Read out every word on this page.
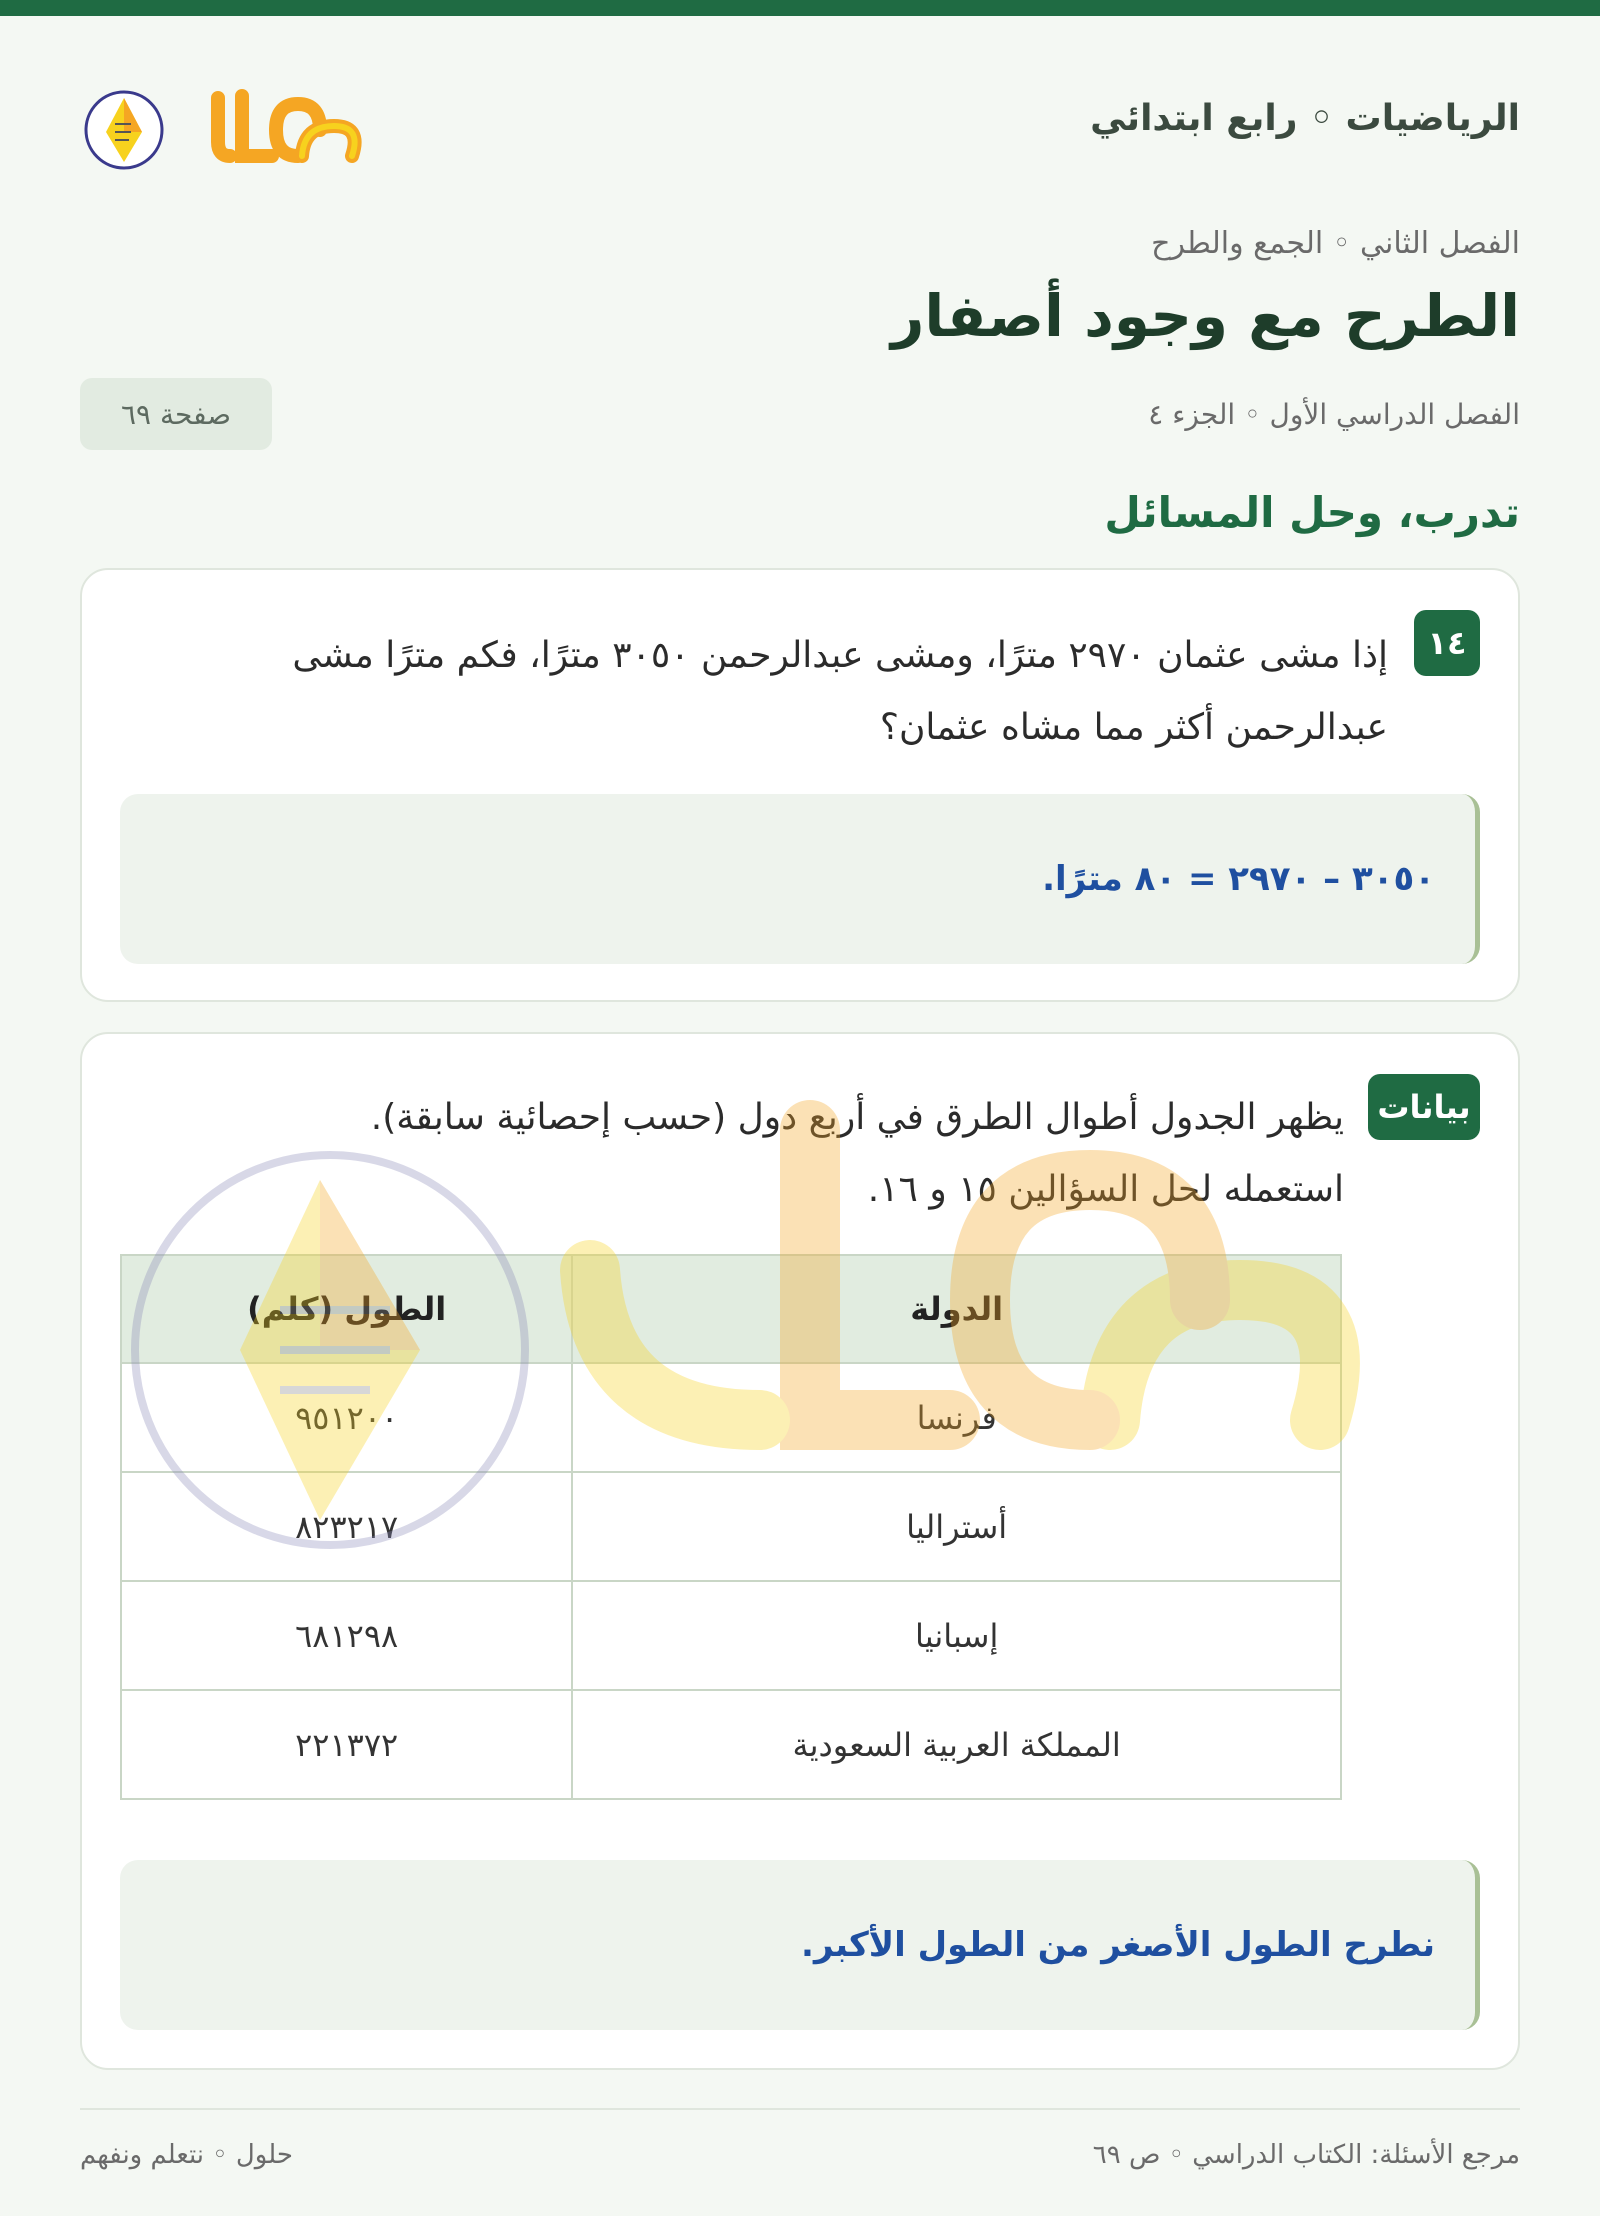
الرياضيات ◦ رابع ابتدائي
حلول
الفصل الثاني ◦ الجمع والطرح
الطرح مع وجود أصفار
الفصل الدراسي الأول ◦ الجزء ٤
صفحة ٦٩
تدرب، وحل المسائل
١٤

إذا مشى عثمان ٢٩٧٠ مترًا، ومشى عبدالرحمن ٣٠٥٠ مترًا، فكم مترًا مشى عبدالرحمن أكثر مما مشاه عثمان؟

٣٠٥٠ – ٢٩٧٠ = ٨٠ مترًا.
بيانات
يظهر الجدول أطوال الطرق في أربع دول (حسب إحصائية سابقة).
استعمله لحل السؤالين ١٥ و ١٦.
الدولة	الطول (كلم)
فرنسا	٩٥١٢٠٠
أستراليا	٨٢٣٢١٧
إسبانيا	٦٨١٢٩٨
المملكة العربية السعودية	٢٢١٣٧٢
نطرح الطول الأصغر من الطول الأكبر.
مرجع الأسئلة: الكتاب الدراسي ◦ ص ٦٩
حلول ◦ نتعلم ونفهم
